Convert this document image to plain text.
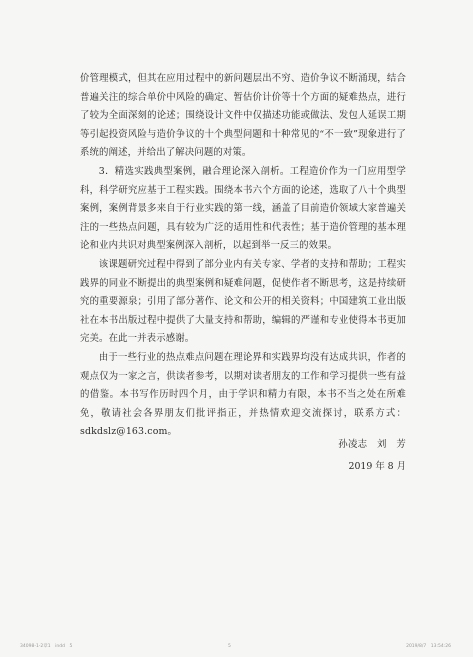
价管理模式，但其在应用过程中的新问题层出不穷、造价争议不断涌现，结合普遍关注的综合单价中风险的确定、暂估价计价等十个方面的疑难热点，进行了较为全面深刻的论述；围绕设计文件中仅描述功能或做法、发包人延误工期等引起投资风险与造价争议的十个典型问题和十种常见的“不一致”现象进行了系统的阐述，并给出了解决问题的对策。

3．精选实践典型案例，融合理论深入剖析。工程造价作为一门应用型学科，科学研究应基于工程实践。围绕本书六个方面的论述，选取了八十个典型案例，案例背景多来自于行业实践的第一线，涵盖了目前造价领域大家普遍关注的一些热点问题，具有较为广泛的适用性和代表性；基于造价管理的基本理论和业内共识对典型案例深入剖析，以起到举一反三的效果。

该课题研究过程中得到了部分业内有关专家、学者的支持和帮助；工程实践界的同业不断提出的典型案例和疑难问题，促使作者不断思考，这是持续研究的重要源泉；引用了部分著作、论文和公开的相关资料；中国建筑工业出版社在本书出版过程中提供了大量支持和帮助，编辑的严谨和专业使得本书更加完美。在此一并表示感谢。

由于一些行业的热点难点问题在理论界和实践界均没有达成共识，作者的观点仅为一家之言，供读者参考，以期对读者朋友的工作和学习提供一些有益的借鉴。本书写作历时四个月，由于学识和精力有限，本书不当之处在所难免，敬请社会各界朋友们批评指正，并热情欢迎交流探讨，联系方式：sdkdslz@163.com。

孙凌志　刘　芳
2019 年 8 月
34098-1-2章1　indd　5	5	2019/8/7　13:54:26
